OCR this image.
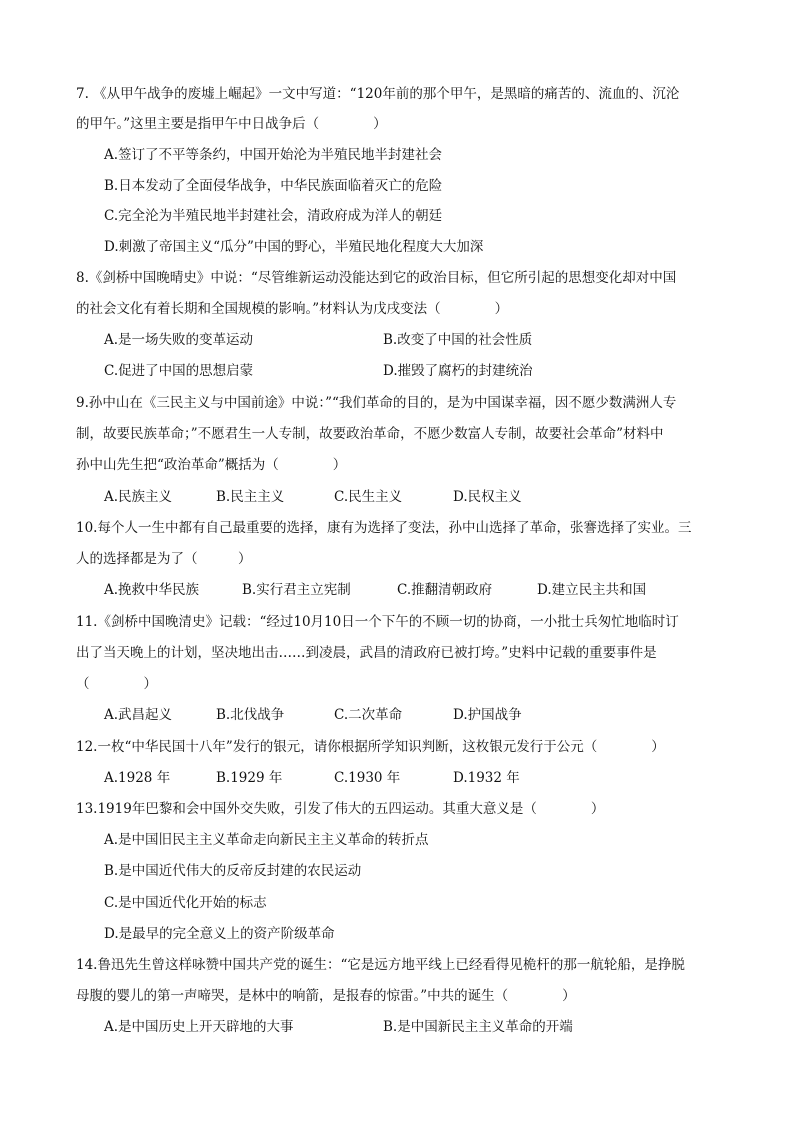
7. 《从甲午战争的废墟上崛起》一文中写道：“120年前的那个甲午，是黑暗的痛苦的、流血的、沉沦
的甲午。”这里主要是指甲午中日战争后（　　　　）
A.签订了不平等条约，中国开始沦为半殖民地半封建社会
B.日本发动了全面侵华战争，中华民族面临着灭亡的危险
C.完全沦为半殖民地半封建社会，清政府成为洋人的朝廷
D.刺激了帝国主义“瓜分”中国的野心，半殖民地化程度大大加深
8.《剑桥中国晚晴史》中说：“尽管维新运动没能达到它的政治目标，但它所引起的思想变化却对中国
的社会文化有着长期和全国规模的影响。”材料认为戊戌变法（　　　　）
A.是一场失败的变革运动	B.改变了中国的社会性质
C.促进了中国的思想启蒙	D.摧毁了腐朽的封建统治
9.孙中山在《三民主义与中国前途》中说：”“我们革命的目的，是为中国谋幸福，因不愿少数满洲人专
制，故要民族革命；”不愿君生一人专制，故要政治革命，不愿少数富人专制，故要社会革命”材料中
孙中山先生把“政治革命”概括为（　　　　）
A.民族主义	B.民主主义	C.民生主义	D.民权主义
10.每个人一生中都有自己最重要的选择，康有为选择了变法，孙中山选择了革命，张謇选择了实业。三
人的选择都是为了（　　　）
A.挽救中华民族	B.实行君主立宪制	C.推翻清朝政府	D.建立民主共和国
11.《剑桥中国晚清史》记载：“经过10月10日一个下午的不顾一切的协商，一小批士兵匆忙地临时订
出了当天晚上的计划，坚决地出击……到凌晨，武昌的清政府已被打垮。”史料中记载的重要事件是
（　　　　）
A.武昌起义	B.北伐战争	C.二次革命	D.护国战争
12.一枚“中华民国十八年”发行的银元，请你根据所学知识判断，这枚银元发行于公元（　　　　）
A.1928 年	B.1929 年	C.1930 年	D.1932 年
13.1919年巴黎和会中国外交失败，引发了伟大的五四运动。其重大意义是（　　　　）
A.是中国旧民主主义革命走向新民主主义革命的转折点
B.是中国近代伟大的反帝反封建的农民运动
C.是中国近代化开始的标志
D.是最早的完全意义上的资产阶级革命
14.鲁迅先生曾这样咏赞中国共产党的诞生：“它是远方地平线上已经看得见桅杆的那一航轮船，是挣脱
母腹的婴儿的第一声啼哭，是林中的响箭，是报春的惊雷。”中共的诞生（　　　　）
A.是中国历史上开天辟地的大事	B.是中国新民主主义革命的开端
